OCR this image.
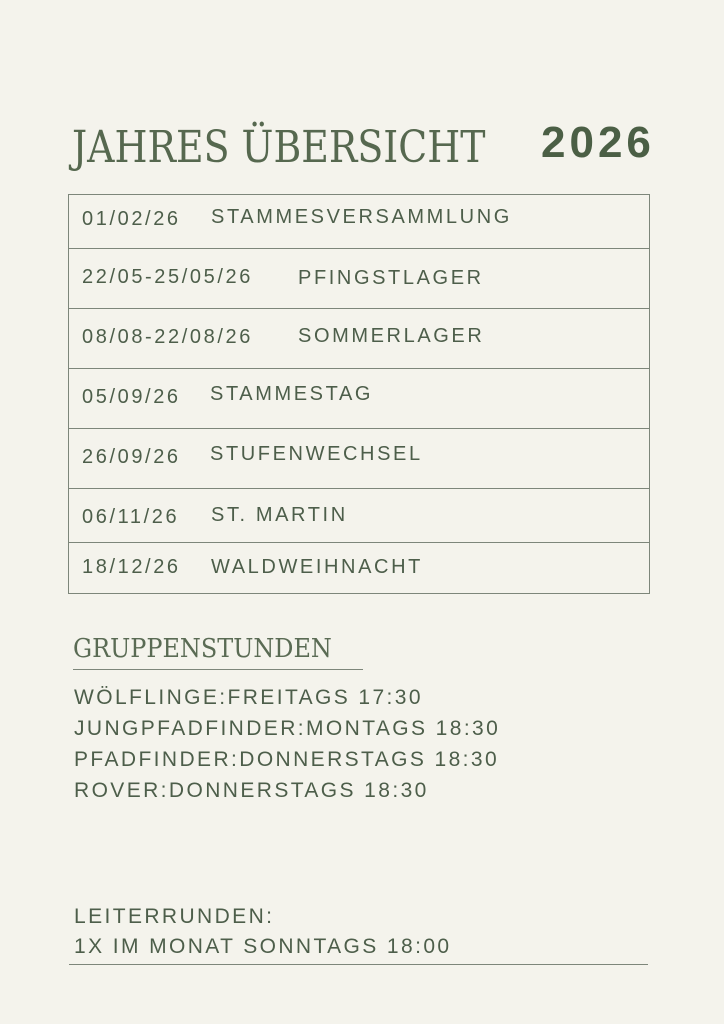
JAHRES ÜBERSICHT 2026
01/02/26 STAMMESVERSAMMLUNG
22/05-25/05/26 PFINGSTLAGER
08/08-22/08/26 SOMMERLAGER
05/09/26 STAMMESTAG
26/09/26 STUFENWECHSEL
06/11/26 ST. MARTIN
18/12/26 WALDWEIHNACHT
GRUPPENSTUNDEN
WÖLFLINGE:FREITAGS 17:30
JUNGPFADFINDER:MONTAGS 18:30
PFADFINDER:DONNERSTAGS 18:30
ROVER:DONNERSTAGS 18:30
LEITERRUNDEN:
1X IM MONAT SONNTAGS 18:00
